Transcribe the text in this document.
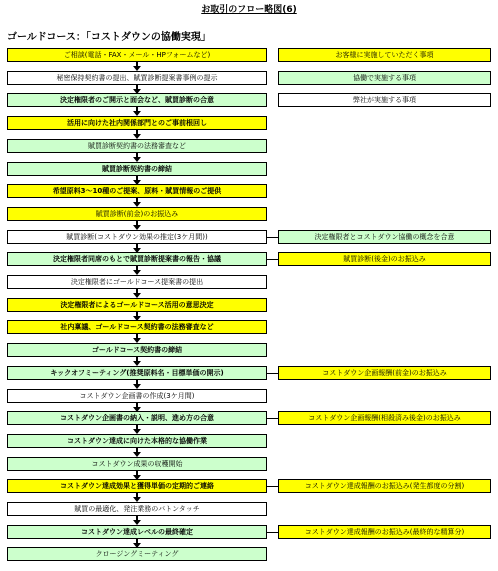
お取引のフロー略図(6)
ゴールドコース：「コストダウンの協働実現」
ご相談(電話・FAX・メール・HPフォームなど)
秘密保持契約書の提出、賦買診断提案書事例の提示
決定権限者のご開示と面会など、賦買診断の合意
活用に向けた社内関係部門とのご事前根回し
賦買診断契約書の法務審査など
賦買診断契約書の締結
希望原料3～10種のご提案、原料・賦買情報のご提供
賦買診断(前金)のお振込み
賦買診断(コストダウン効果の推定(3ケ月間))
決定権限者同席のもとで賦買診断提案書の報告・協議
決定権限者にゴールドコース提案書の提出
決定権限者によるゴールドコース活用の意思決定
社内稟議、ゴールドコース契約書の法務審査など
ゴールドコース契約書の締結
キックオフミーティング(推奨原料名・目標単価の開示)
コストダウン企画書の作成(3ケ月間)
コストダウン企画書の納入・説明、進め方の合意
コストダウン達成に向けた本格的な協働作業
コストダウン成果の収穫開始
コストダウン達成効果と獲得単価の定期的ご連絡
賦買の最適化、発注業務のバトンタッチ
コストダウン達成レベルの最終確定
クロージングミーティング
お客様に実施していただく事項
協働で実施する事項
弊社が実施する事項
決定権限者とコストダウン協働の概念を合意
賦買診断(後金)のお振込み
コストダウン企画報酬(前金)のお振込み
コストダウン企画報酬(相殺済み後金)のお振込み
コストダウン達成報酬のお振込み(発生都度の分割)
コストダウン達成報酬のお振込み(最終的な精算分)
